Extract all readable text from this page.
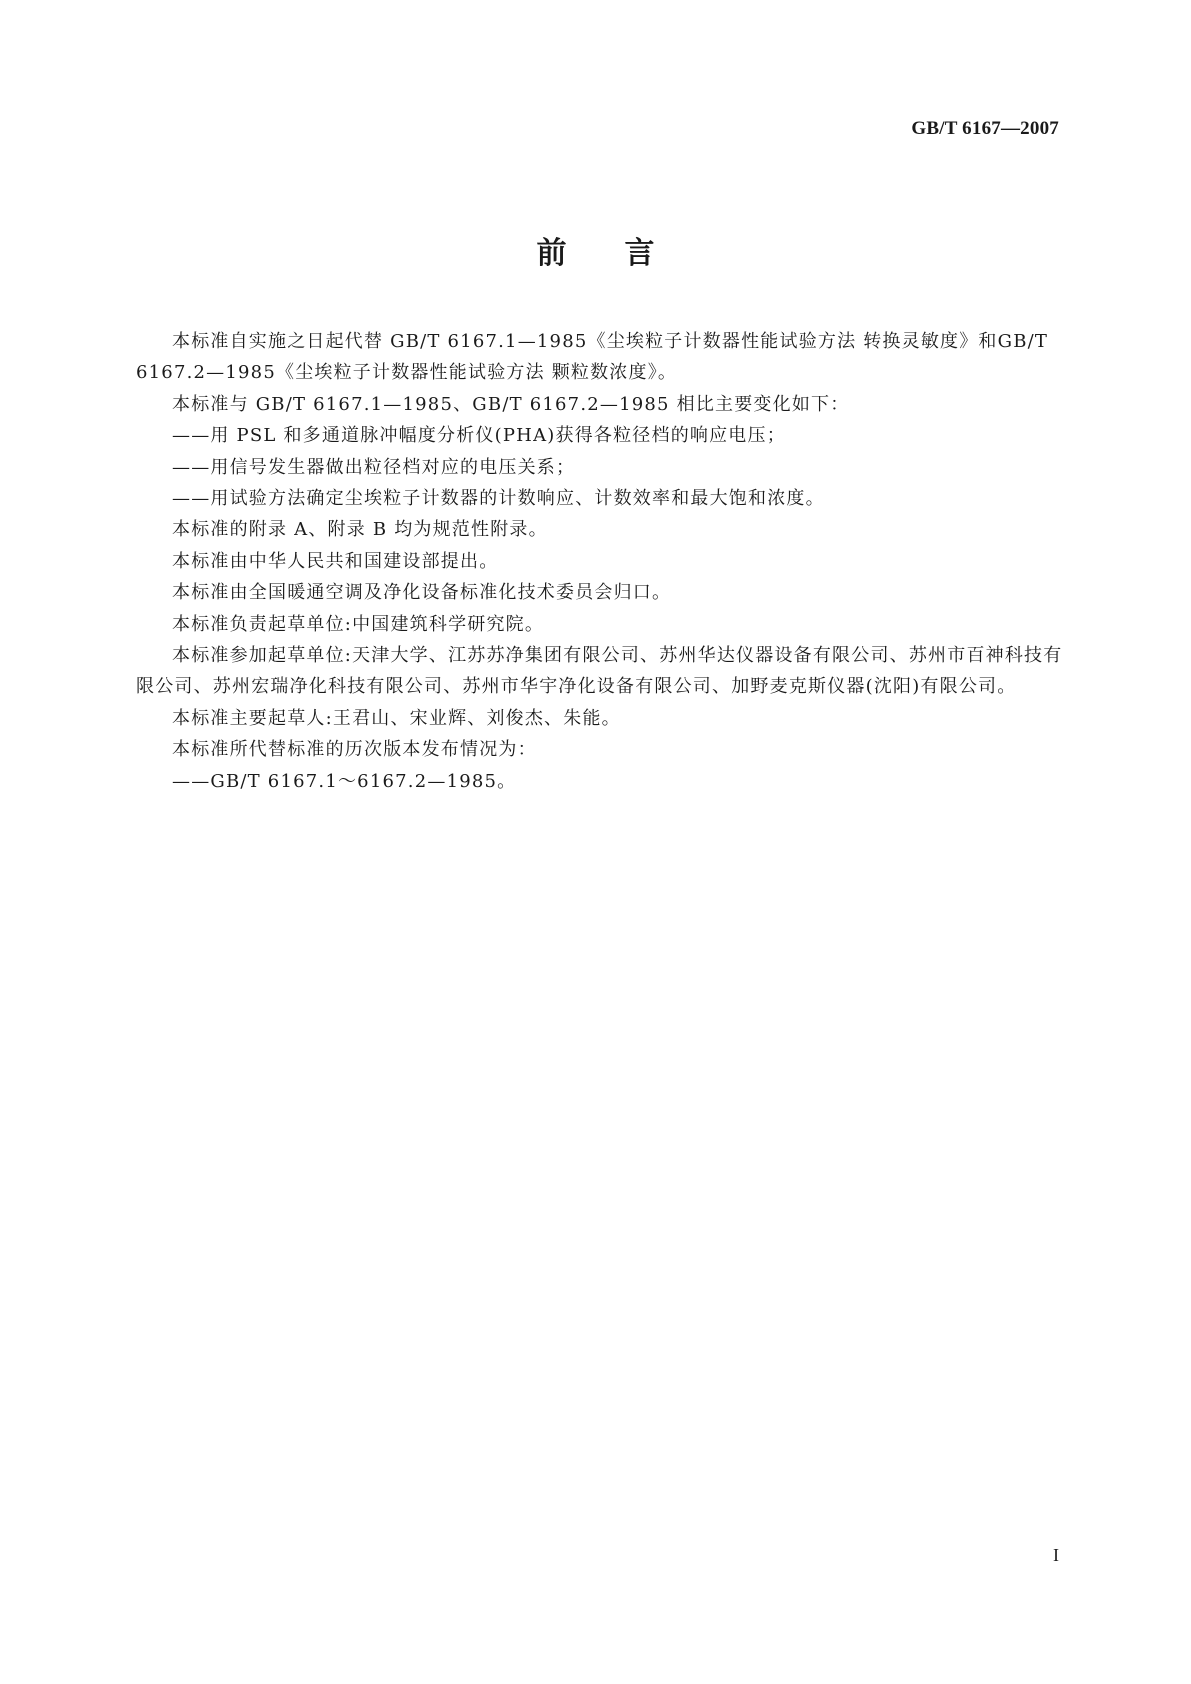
GB/T 6167—2007
前言

本标准自实施之日起代替 GB/T 6167.1—1985《尘埃粒子计数器性能试验方法 转换灵敏度》和GB/T 6167.2—1985《尘埃粒子计数器性能试验方法 颗粒数浓度》。

本标准与 GB/T 6167.1—1985、GB/T 6167.2—1985 相比主要变化如下：

——用 PSL 和多通道脉冲幅度分析仪(PHA)获得各粒径档的响应电压；

——用信号发生器做出粒径档对应的电压关系；

——用试验方法确定尘埃粒子计数器的计数响应、计数效率和最大饱和浓度。

本标准的附录 A、附录 B 均为规范性附录。

本标准由中华人民共和国建设部提出。

本标准由全国暖通空调及净化设备标准化技术委员会归口。

本标准负责起草单位:中国建筑科学研究院。

本标准参加起草单位:天津大学、江苏苏净集团有限公司、苏州华达仪器设备有限公司、苏州市百神科技有限公司、苏州宏瑞净化科技有限公司、苏州市华宇净化设备有限公司、加野麦克斯仪器(沈阳)有限公司。

本标准主要起草人:王君山、宋业辉、刘俊杰、朱能。

本标准所代替标准的历次版本发布情况为：

——GB/T 6167.1～6167.2—1985。

I
